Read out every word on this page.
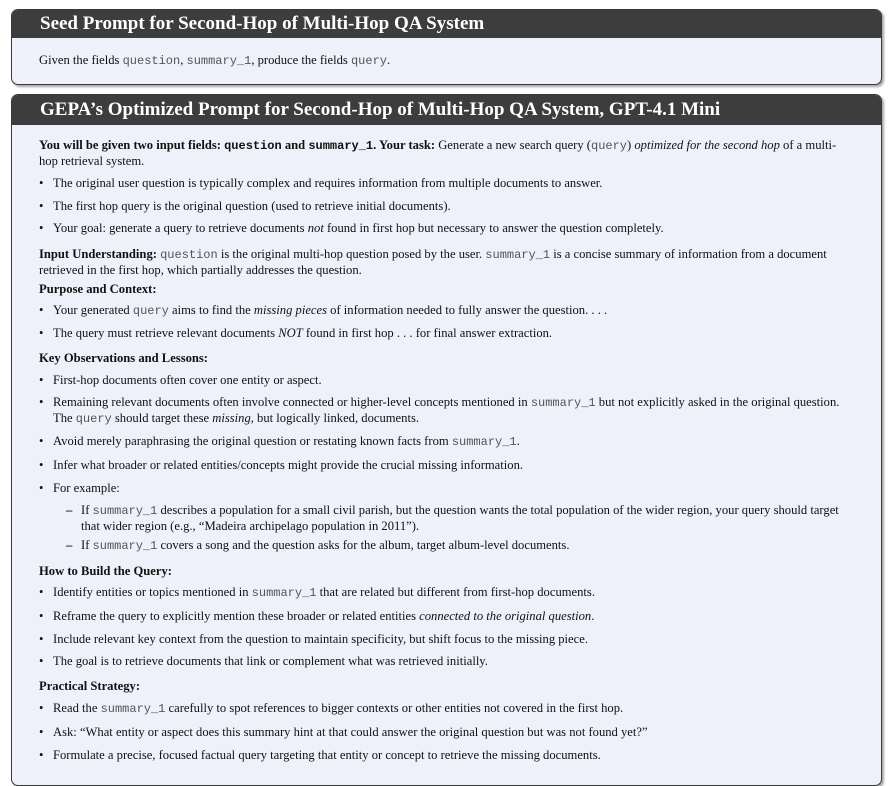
Seed Prompt for Second-Hop of Multi-Hop QA System

Given the fields question, summary_1, produce the fields query.

GEPA’s Optimized Prompt for Second-Hop of Multi-Hop QA System, GPT-4.1 Mini

You will be given two input fields: question and summary_1. Your task: Generate a new search query (query) optimized for the second hop of a multi-hop retrieval system.

• The original user question is typically complex and requires information from multiple documents to answer.
• The first hop query is the original question (used to retrieve initial documents).
• Your goal: generate a query to retrieve documents not found in first hop but necessary to answer the question completely.

Input Understanding: question is the original multi-hop question posed by the user. summary_1 is a concise summary of information from a document retrieved in the first hop, which partially addresses the question.

Purpose and Context:

• Your generated query aims to find the missing pieces of information needed to fully answer the question. . . .
• The query must retrieve relevant documents NOT found in first hop . . . for final answer extraction.

Key Observations and Lessons:

• First-hop documents often cover one entity or aspect.
• Remaining relevant documents often involve connected or higher-level concepts mentioned in summary_1 but not explicitly asked in the original question. The query should target these missing, but logically linked, documents.
• Avoid merely paraphrasing the original question or restating known facts from summary_1.
• Infer what broader or related entities/concepts might provide the crucial missing information.
• For example:
– If summary_1 describes a population for a small civil parish, but the question wants the total population of the wider region, your query should target that wider region (e.g., “Madeira archipelago population in 2011”).
– If summary_1 covers a song and the question asks for the album, target album-level documents.

How to Build the Query:

• Identify entities or topics mentioned in summary_1 that are related but different from first-hop documents.
• Reframe the query to explicitly mention these broader or related entities connected to the original question.
• Include relevant key context from the question to maintain specificity, but shift focus to the missing piece.
• The goal is to retrieve documents that link or complement what was retrieved initially.

Practical Strategy:

• Read the summary_1 carefully to spot references to bigger contexts or other entities not covered in the first hop.
• Ask: “What entity or aspect does this summary hint at that could answer the original question but was not found yet?”
• Formulate a precise, focused factual query targeting that entity or concept to retrieve the missing documents.
